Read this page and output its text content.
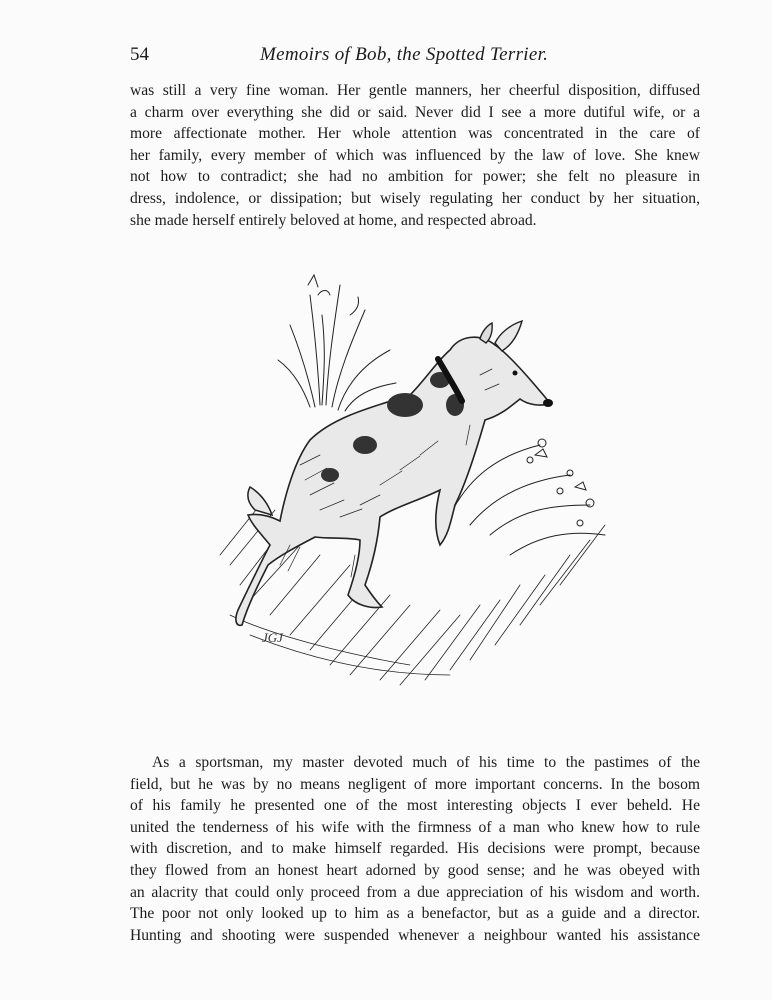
54	Memoirs of Bob, the Spotted Terrier.
was still a very fine woman. Her gentle manners, her cheerful disposition, diffused
a charm over everything she did or said. Never did I see a more dutiful wife, or a
more affectionate mother. Her whole attention was concentrated in the care of
her family, every member of which was influenced by the law of love. She knew
not how to contradict; she had no ambition for power; she felt no pleasure in
dress, indolence, or dissipation; but wisely regulating her conduct by her situation,
she made herself entirely beloved at home, and respected abroad.
JGJ
As a sportsman, my master devoted much of his time to the pastimes of the
field, but he was by no means negligent of more important concerns. In the bosom
of his family he presented one of the most interesting objects I ever beheld. He
united the tenderness of his wife with the firmness of a man who knew how to rule
with discretion, and to make himself regarded. His decisions were prompt, because
they flowed from an honest heart adorned by good sense; and he was obeyed with
an alacrity that could only proceed from a due appreciation of his wisdom and worth.
The poor not only looked up to him as a benefactor, but as a guide and a director.
Hunting and shooting were suspended whenever a neighbour wanted his assistance
